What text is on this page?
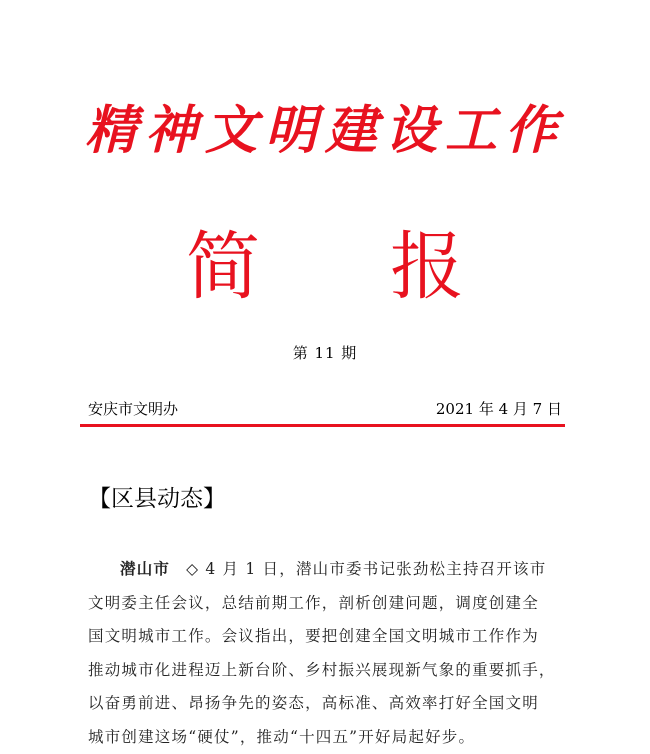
精神文明建设工作
简 报
第 11 期
安庆市文明办	2021 年 4 月 7 日
【区县动态】
潜山市 ◇ 4 月 1 日，潜山市委书记张劲松主持召开该市
文明委主任会议，总结前期工作，剖析创建问题，调度创建全
国文明城市工作。会议指出，要把创建全国文明城市工作作为
推动城市化进程迈上新台阶、乡村振兴展现新气象的重要抓手，
以奋勇前进、昂扬争先的姿态，高标准、高效率打好全国文明
城市创建这场“硬仗”，推动“十四五”开好局起好步。
